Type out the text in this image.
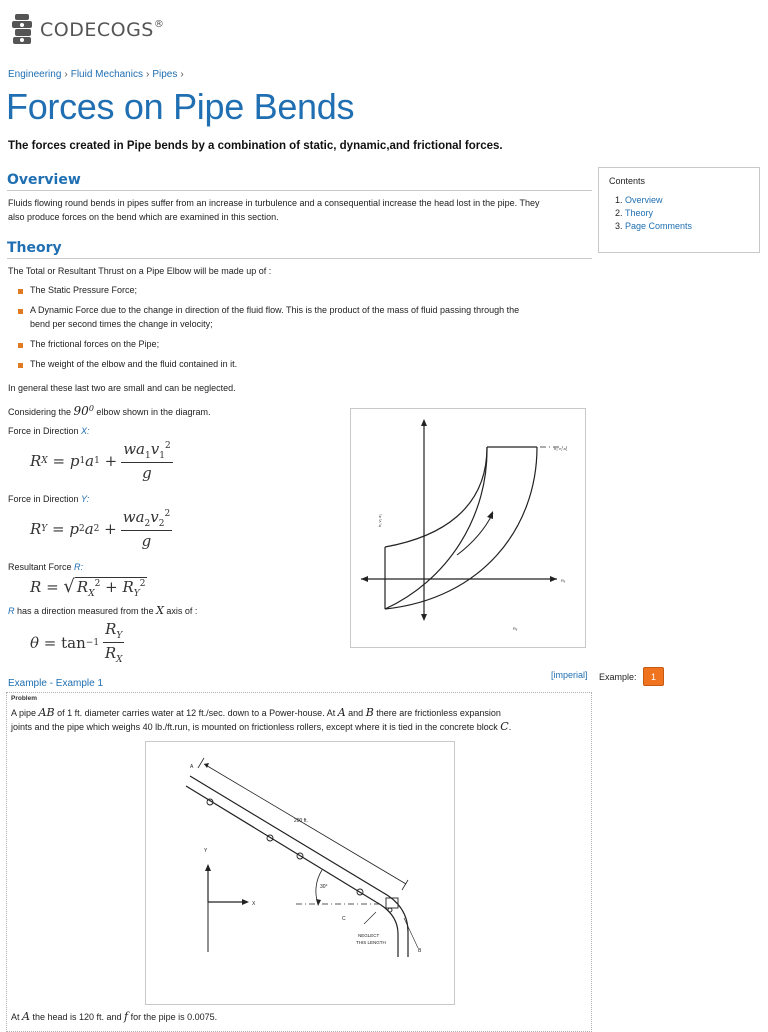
CODECOGS®
Engineering › Fluid Mechanics › Pipes ›
Forces on Pipe Bends
The forces created in Pipe bends by a combination of static, dynamic,and frictional forces.
Overview
Fluids flowing round bends in pipes suffer from an increase in turbulence and a consequential increase the head lost in the pipe. They
also produce forces on the bend which are examined in this section.
Contents
1. Overview
2. Theory
3. Page Comments
Theory
The Total or Resultant Thrust on a Pipe Elbow will be made up of :
The Static Pressure Force;
A Dynamic Force due to the change in direction of the fluid flow. This is the product of the mass of fluid passing through the
bend per second times the change in velocity;
The frictional forces on the Pipe;
The weight of the elbow and the fluid contained in it.
In general these last two are small and can be neglected.
Considering the $90^0$ elbow shown in the diagram.
Force in Direction X:
R X = p 1 a $1 + \frac{wa_1v_1^2}{g}$
Force in Direction Y:
R Y = p 2 a $2 + \frac{wa_2v_2^2}{g}$
Resultant Force R:
R = √ $R_X^2 + R_Y^2$
R has a direction measured from the X axis of :
$\theta = \tan -1 \frac{R_Y}{R_X}$
h₂ v₂ a₂
h₁ v₁ a₁
Rₓ
Rᵧ
Example - Example 1
[imperial] Example:	1
Problem
A pipe AB of 1 ft. diameter carries water at 12 ft./sec. down to a Power-house. At A and B there are frictionless expansion
joints and the pipe which weighs 40 lb./ft.run, is mounted on frictionless rollers, except where it is tied in the concrete block C.
A
200 ft.
30°
C
NEGLECT
THIS LENGTH
B
Y
X
At A the head is 120 ft. and f for the pipe is 0.0075.
